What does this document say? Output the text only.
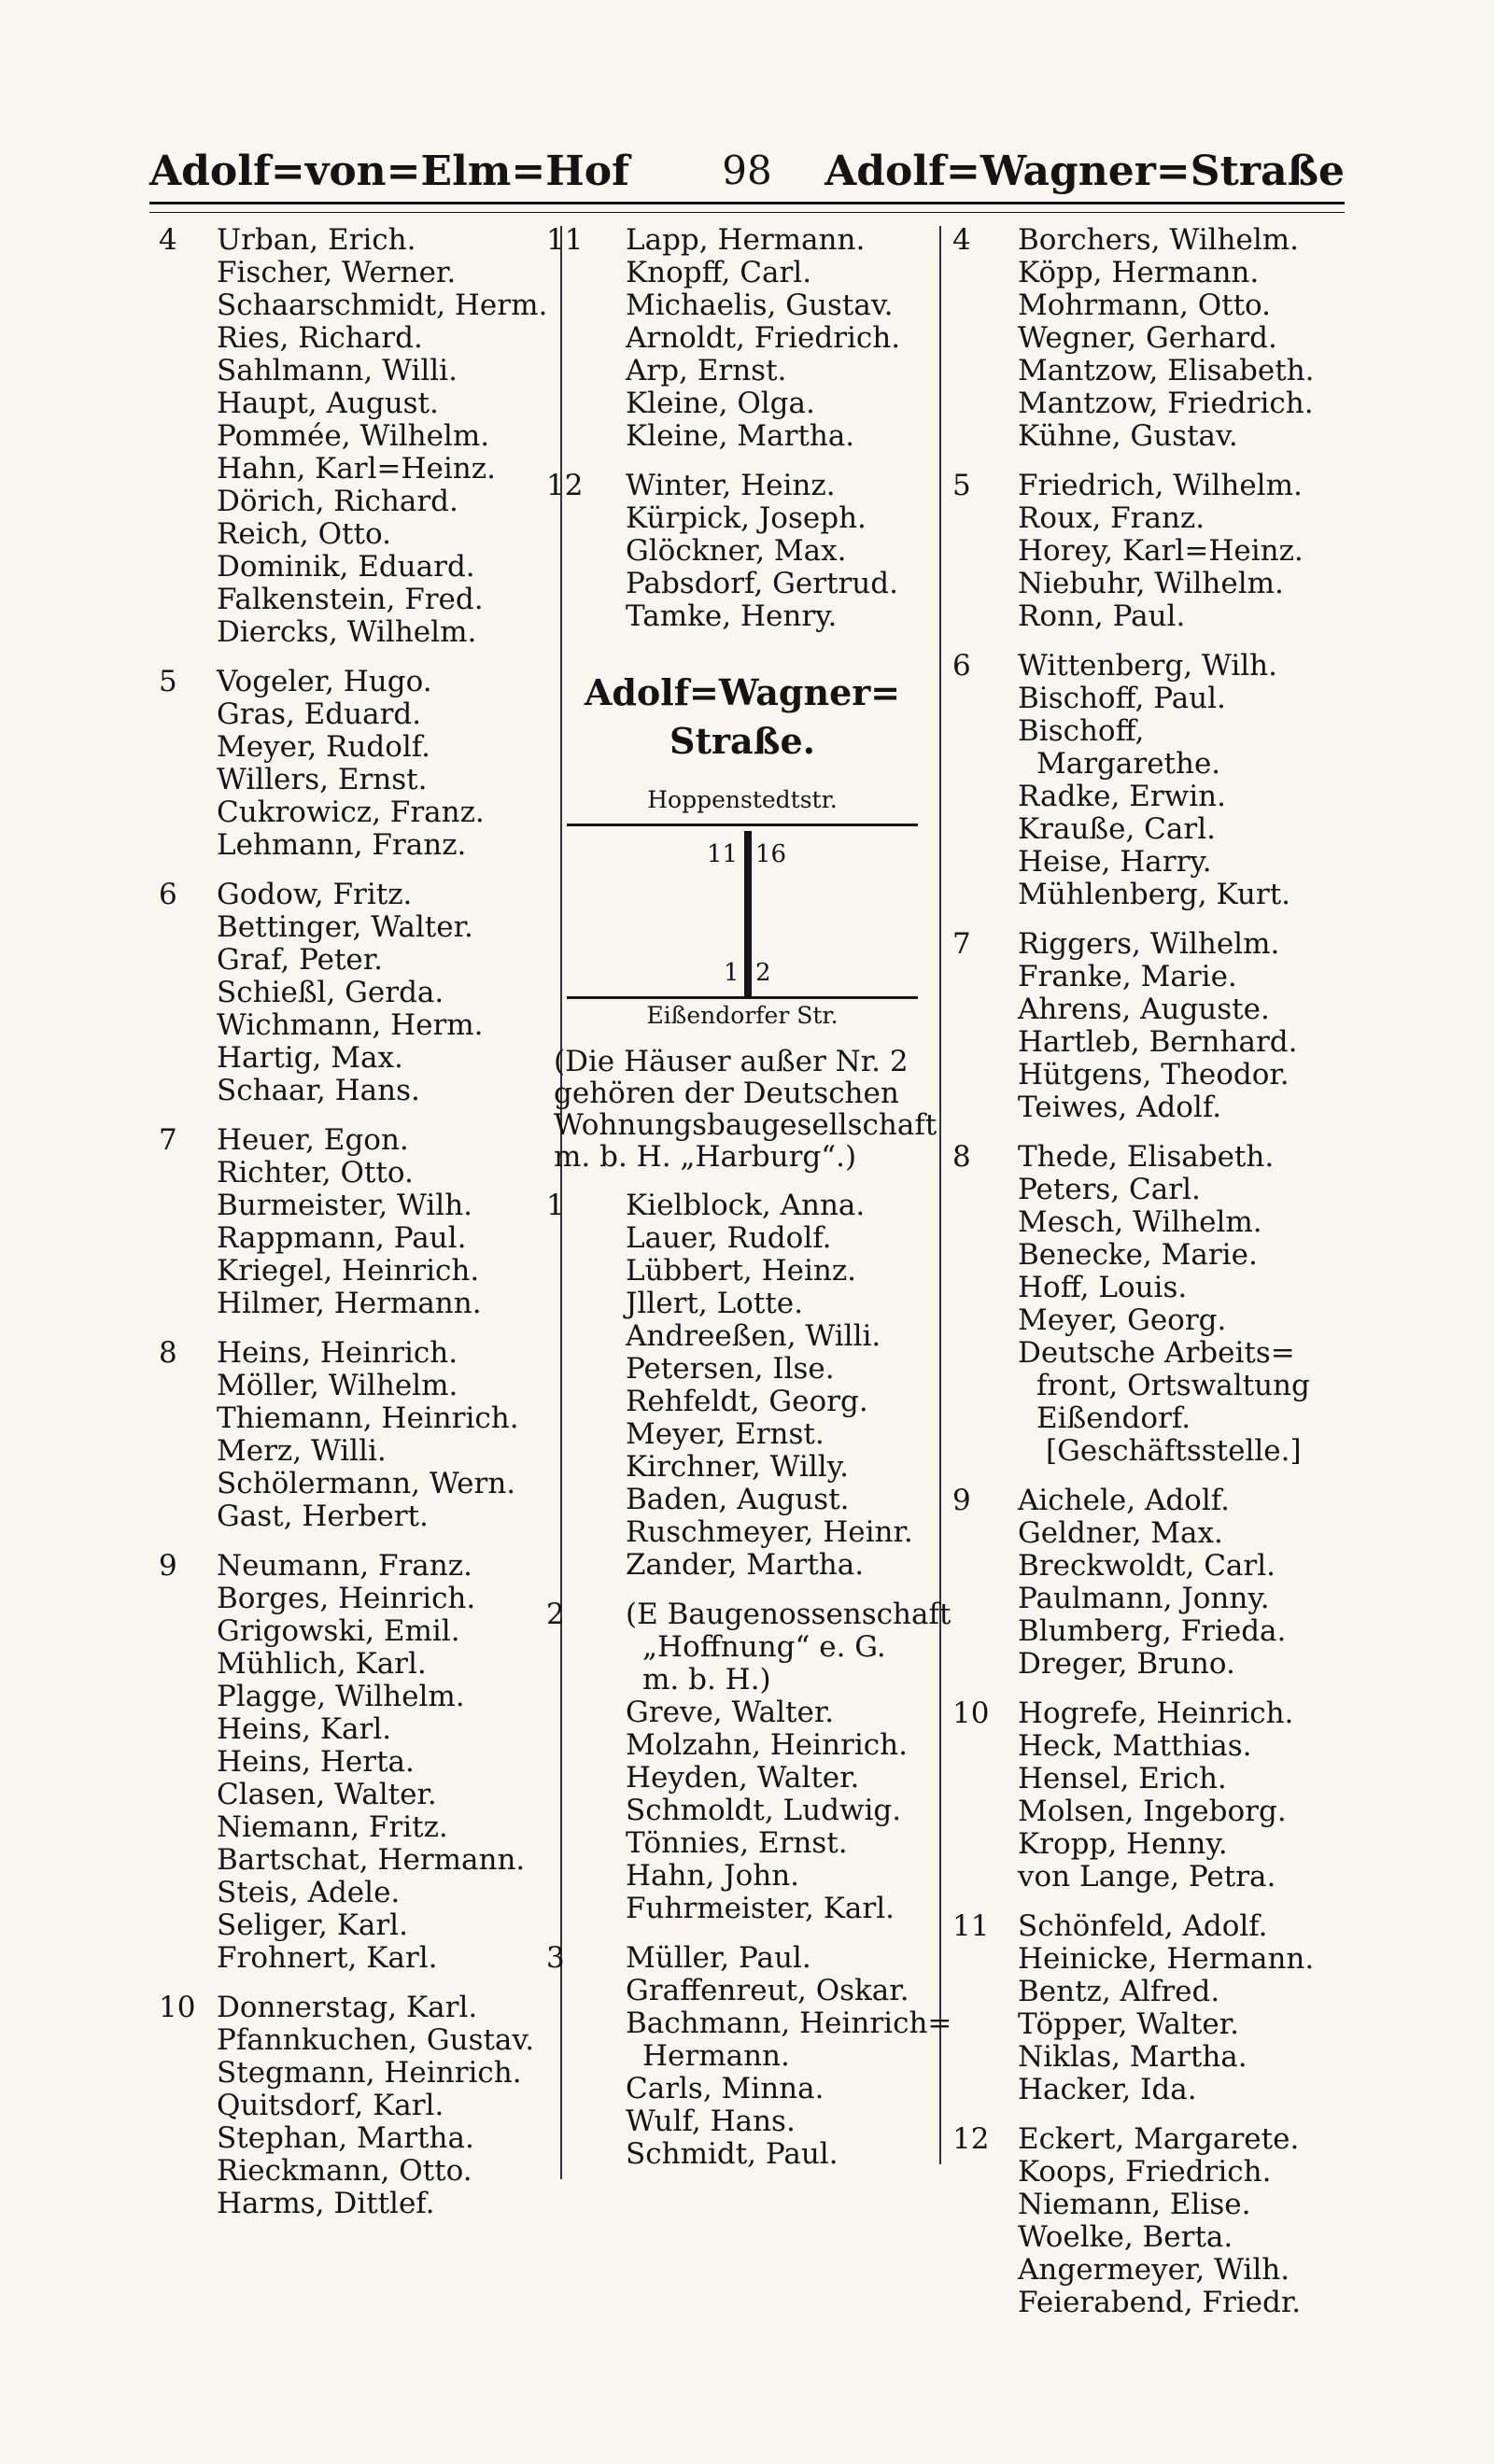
Adolf=von=Elm=Hof	98	Adolf=Wagner=Straße
4	Urban, Erich.
Fischer, Werner.
Schaarschmidt, Herm.
Ries, Richard.
Sahlmann, Willi.
Haupt, August.
Pommée, Wilhelm.
Hahn, Karl=Heinz.
Dörich, Richard.
Reich, Otto.
Dominik, Eduard.
Falkenstein, Fred.
Diercks, Wilhelm.
5	Vogeler, Hugo.
Gras, Eduard.
Meyer, Rudolf.
Willers, Ernst.
Cukrowicz, Franz.
Lehmann, Franz.
6	Godow, Fritz.
Bettinger, Walter.
Graf, Peter.
Schießl, Gerda.
Wichmann, Herm.
Hartig, Max.
Schaar, Hans.
7	Heuer, Egon.
Richter, Otto.
Burmeister, Wilh.
Rappmann, Paul.
Kriegel, Heinrich.
Hilmer, Hermann.
8	Heins, Heinrich.
Möller, Wilhelm.
Thiemann, Heinrich.
Merz, Willi.
Schölermann, Wern.
Gast, Herbert.
9	Neumann, Franz.
Borges, Heinrich.
Grigowski, Emil.
Mühlich, Karl.
Plagge, Wilhelm.
Heins, Karl.
Heins, Herta.
Clasen, Walter.
Niemann, Fritz.
Bartschat, Hermann.
Steis, Adele.
Seliger, Karl.
Frohnert, Karl.
10 Donnerstag, Karl.
Pfannkuchen, Gustav.
Stegmann, Heinrich.
Quitsdorf, Karl.
Stephan, Martha.
Rieckmann, Otto.
Harms, Dittlef.
11 Lapp, Hermann.
Knopff, Carl.
Michaelis, Gustav.
Arnoldt, Friedrich.
Arp, Ernst.
Kleine, Olga.
Kleine, Martha.
12 Winter, Heinz.
Kürpick, Joseph.
Glöckner, Max.
Pabsdorf, Gertrud.
Tamke, Henry.
Adolf=Wagner=
Straße.
Hoppenstedtstr.
11 16
1 2
Eißendorfer Str.

(Die Häuser außer Nr. 2

gehören der Deutschen

Wohnungsbaugesellschaft

m. b. H. „Harburg“.)

1	Kielblock, Anna.
Lauer, Rudolf.
Lübbert, Heinz.
Jllert, Lotte.
Andreeßen, Willi.
Petersen, Ilse.
Rehfeldt, Georg.
Meyer, Ernst.
Kirchner, Willy.
Baden, August.
Ruschmeyer, Heinr.
Zander, Martha.
2	(E Baugenossenschaft
„Hoffnung“ e. G.
m. b. H.)
Greve, Walter.
Molzahn, Heinrich.
Heyden, Walter.
Schmoldt, Ludwig.
Tönnies, Ernst.
Hahn, John.
Fuhrmeister, Karl.
3	Müller, Paul.
Graffenreut, Oskar.
Bachmann, Heinrich=
Hermann.
Carls, Minna.
Wulf, Hans.
Schmidt, Paul.
4	Borchers, Wilhelm.
Köpp, Hermann.
Mohrmann, Otto.
Wegner, Gerhard.
Mantzow, Elisabeth.
Mantzow, Friedrich.
Kühne, Gustav.
5	Friedrich, Wilhelm.
Roux, Franz.
Horey, Karl=Heinz.
Niebuhr, Wilhelm.
Ronn, Paul.
6	Wittenberg, Wilh.
Bischoff, Paul.
Bischoff,
Margarethe.
Radke, Erwin.
Krauße, Carl.
Heise, Harry.
Mühlenberg, Kurt.
7	Riggers, Wilhelm.
Franke, Marie.
Ahrens, Auguste.
Hartleb, Bernhard.
Hütgens, Theodor.
Teiwes, Adolf.
8	Thede, Elisabeth.
Peters, Carl.
Mesch, Wilhelm.
Benecke, Marie.
Hoff, Louis.
Meyer, Georg.
Deutsche Arbeits=
front, Ortswaltung
Eißendorf.
[Geschäftsstelle.]
9	Aichele, Adolf.
Geldner, Max.
Breckwoldt, Carl.
Paulmann, Jonny.
Blumberg, Frieda.
Dreger, Bruno.
10 Hogrefe, Heinrich.
Heck, Matthias.
Hensel, Erich.
Molsen, Ingeborg.
Kropp, Henny.
von Lange, Petra.
11 Schönfeld, Adolf.
Heinicke, Hermann.
Bentz, Alfred.
Töpper, Walter.
Niklas, Martha.
Hacker, Ida.
12 Eckert, Margarete.
Koops, Friedrich.
Niemann, Elise.
Woelke, Berta.
Angermeyer, Wilh.
Feierabend, Friedr.
